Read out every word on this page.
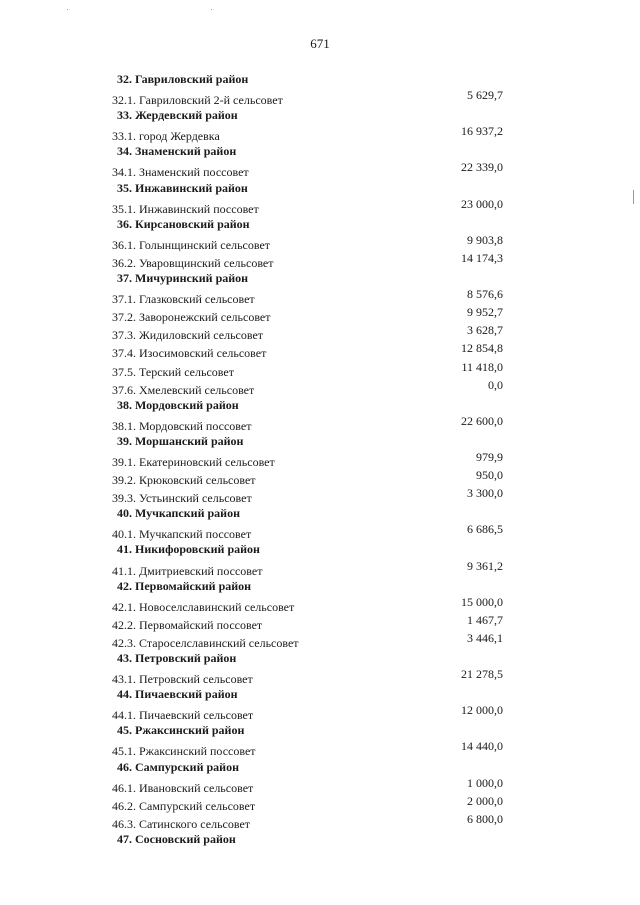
671
32. Гавриловский район
32.1. Гавриловский 2-й сельсовет	5 629,7
33. Жердевский район
33.1. город Жердевка	16 937,2
34. Знаменский район
34.1. Знаменский поссовет	22 339,0
35. Инжавинский район
35.1. Инжавинский поссовет	23 000,0
36. Кирсановский район
36.1. Голынщинский сельсовет	9 903,8
36.2. Уваровщинский сельсовет	14 174,3
37. Мичуринский район
37.1. Глазковский сельсовет	8 576,6
37.2. Заворонежский сельсовет	9 952,7
37.3. Жидиловский сельсовет	3 628,7
37.4. Изосимовский сельсовет	12 854,8
37.5. Терский сельсовет	11 418,0
37.6. Хмелевский сельсовет	0,0
38. Мордовский район
38.1. Мордовский поссовет	22 600,0
39. Моршанский район
39.1. Екатериновский сельсовет	979,9
39.2. Крюковский сельсовет	950,0
39.3. Устьинский сельсовет	3 300,0
40. Мучкапский район
40.1. Мучкапский поссовет	6 686,5
41. Никифоровский район
41.1. Дмитриевский поссовет	9 361,2
42. Первомайский район
42.1. Новоселславинский сельсовет	15 000,0
42.2. Первомайский поссовет	1 467,7
42.3. Староселславинский сельсовет	3 446,1
43. Петровский район
43.1. Петровский сельсовет	21 278,5
44. Пичаевский район
44.1. Пичаевский сельсовет	12 000,0
45. Ржаксинский район
45.1. Ржаксинский поссовет	14 440,0
46. Сампурский район
46.1. Ивановский сельсовет	1 000,0
46.2. Сампурский сельсовет	2 000,0
46.3. Сатинского сельсовет	6 800,0
47. Сосновский район
